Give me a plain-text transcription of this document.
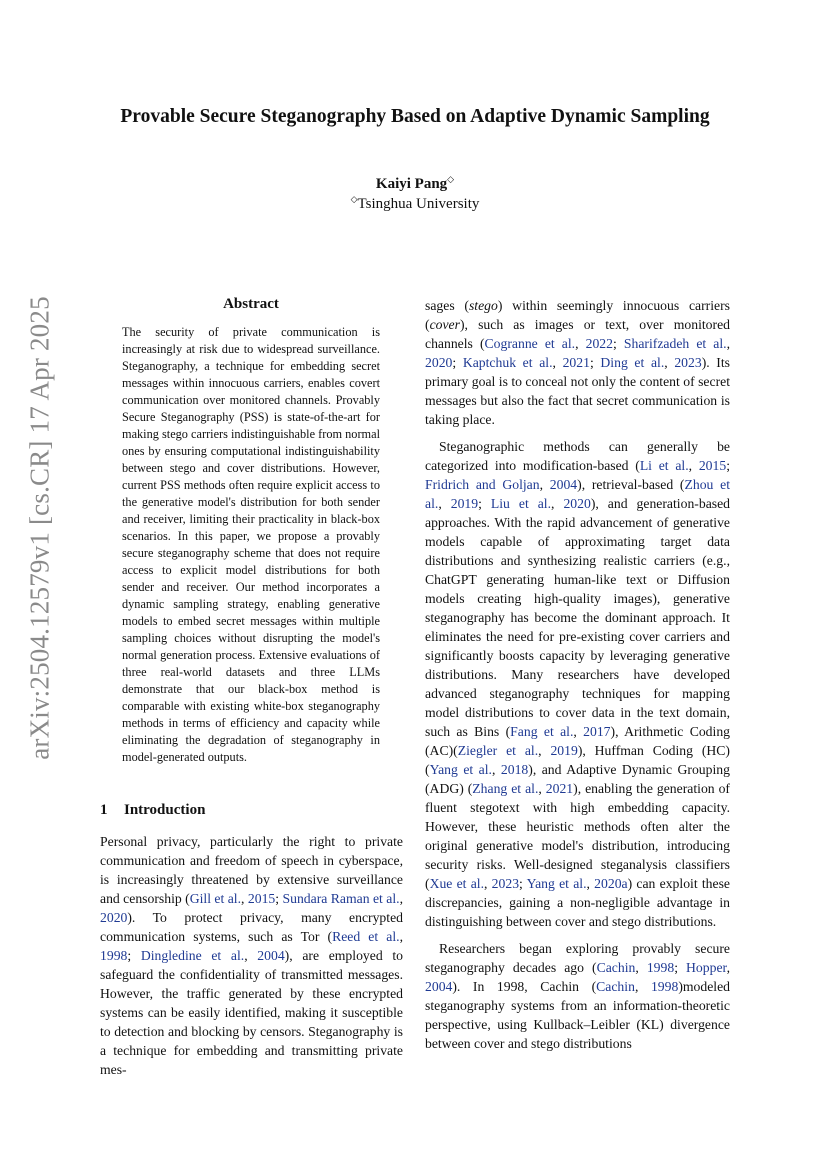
arXiv:2504.12579v1 [cs.CR] 17 Apr 2025
Provable Secure Steganography Based on Adaptive Dynamic Sampling
Kaiyi Pang◇
◇Tsinghua University
Abstract
The security of private communication is increasingly at risk due to widespread surveillance. Steganography, a technique for embedding secret messages within innocuous carriers, enables covert communication over monitored channels. Provably Secure Steganography (PSS) is state-of-the-art for making stego carriers indistinguishable from normal ones by ensuring computational indistinguishability between stego and cover distributions. However, current PSS methods often require explicit access to the generative model's distribution for both sender and receiver, limiting their practicality in black-box scenarios. In this paper, we propose a provably secure steganography scheme that does not require access to explicit model distributions for both sender and receiver. Our method incorporates a dynamic sampling strategy, enabling generative models to embed secret messages within multiple sampling choices without disrupting the model's normal generation process. Extensive evaluations of three real-world datasets and three LLMs demonstrate that our black-box method is comparable with existing white-box steganography methods in terms of efficiency and capacity while eliminating the degradation of steganography in model-generated outputs.
1 Introduction
Personal privacy, particularly the right to private communication and freedom of speech in cyberspace, is increasingly threatened by extensive surveillance and censorship (Gill et al., 2015; Sundara Raman et al., 2020). To protect privacy, many encrypted communication systems, such as Tor (Reed et al., 1998; Dingledine et al., 2004), are employed to safeguard the confidentiality of transmitted messages. However, the traffic generated by these encrypted systems can be easily identified, making it susceptible to detection and blocking by censors. Steganography is a technique for embedding and transmitting private mes-

sages (stego) within seemingly innocuous carriers (cover), such as images or text, over monitored channels (Cogranne et al., 2022; Sharifzadeh et al., 2020; Kaptchuk et al., 2021; Ding et al., 2023). Its primary goal is to conceal not only the content of secret messages but also the fact that secret communication is taking place.

Steganographic methods can generally be categorized into modification-based (Li et al., 2015; Fridrich and Goljan, 2004), retrieval-based (Zhou et al., 2019; Liu et al., 2020), and generation-based approaches. With the rapid advancement of generative models capable of approximating target data distributions and synthesizing realistic carriers (e.g., ChatGPT generating human-like text or Diffusion models creating high-quality images), generative steganography has become the dominant approach. It eliminates the need for pre-existing cover carriers and significantly boosts capacity by leveraging generative distributions. Many researchers have developed advanced steganography techniques for mapping model distributions to cover data in the text domain, such as Bins (Fang et al., 2017), Arithmetic Coding (AC)(Ziegler et al., 2019), Huffman Coding (HC) (Yang et al., 2018), and Adaptive Dynamic Grouping (ADG) (Zhang et al., 2021), enabling the generation of fluent stegotext with high embedding capacity. However, these heuristic methods often alter the original generative model's distribution, introducing security risks. Well-designed steganalysis classifiers (Xue et al., 2023; Yang et al., 2020a) can exploit these discrepancies, gaining a non-negligible advantage in distinguishing between cover and stego distributions.

Researchers began exploring provably secure steganography decades ago (Cachin, 1998; Hopper, 2004). In 1998, Cachin (Cachin, 1998)modeled steganography systems from an information-theoretic perspective, using Kullback–Leibler (KL) divergence between cover and stego distributions
